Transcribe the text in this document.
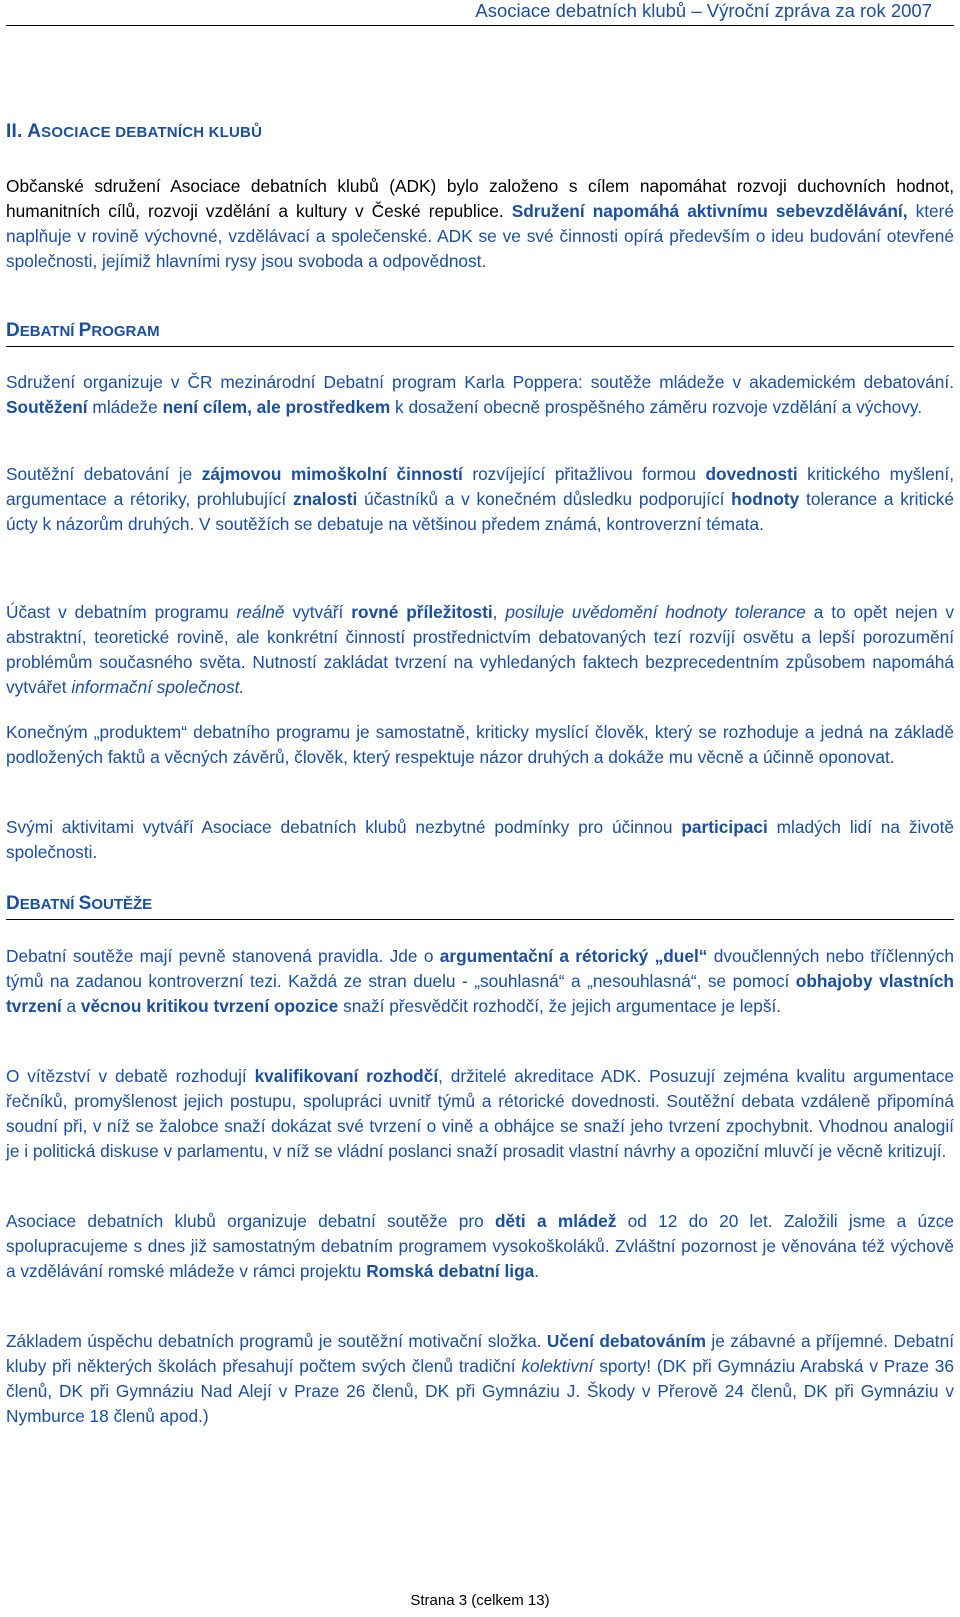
Asociace debatních klubů – Výroční zpráva za rok 2007
II. ASOCIACE DEBATNÍCH KLUBŮ
Občanské sdružení Asociace debatních klubů (ADK) bylo založeno s cílem napomáhat rozvoji duchovních hodnot, humanitních cílů, rozvoji vzdělání a kultury v České republice. Sdružení napomáhá aktivnímu sebevzdělávání, které naplňuje v rovině výchovné, vzdělávací a společenské. ADK se ve své činnosti opírá především o ideu budování otevřené společnosti, jejímiž hlavními rysy jsou svoboda a odpovědnost.
DEBATNÍ PROGRAM
Sdružení organizuje v ČR mezinárodní Debatní program Karla Poppera: soutěže mládeže v akademickém debatování. Soutěžení mládeže není cílem, ale prostředkem k dosažení obecně prospěšného záměru rozvoje vzdělání a výchovy.
Soutěžní debatování je zájmovou mimoškolní činností rozvíjející přitažlivou formou dovednosti kritického myšlení, argumentace a rétoriky, prohlubující znalosti účastníků a v konečném důsledku podporující hodnoty tolerance a kritické úcty k názorům druhých. V soutěžích se debatuje na většinou předem známá, kontroverzní témata.
Účast v debatním programu reálně vytváří rovné příležitosti, posiluje uvědomění hodnoty tolerance a to opět nejen v abstraktní, teoretické rovině, ale konkrétní činností prostřednictvím debatovaných tezí rozvíjí osvětu a lepší porozumění problémům současného světa. Nutností zakládat tvrzení na vyhledaných faktech bezprecedentním způsobem napomáhá vytvářet informační společnost.
Konečným „produktem“ debatního programu je samostatně, kriticky myslící člověk, který se rozhoduje a jedná na základě podložených faktů a věcných závěrů, člověk, který respektuje názor druhých a dokáže mu věcně a účinně oponovat.
Svými aktivitami vytváří Asociace debatních klubů nezbytné podmínky pro účinnou participaci mladých lidí na životě společnosti.
DEBATNÍ SOUTĚŽE
Debatní soutěže mají pevně stanovená pravidla. Jde o argumentační a rétorický „duel“ dvoučlenných nebo tříčlenných týmů na zadanou kontroverzní tezi. Každá ze stran duelu - „souhlasná“ a „nesouhlasná“, se pomocí obhajoby vlastních tvrzení a věcnou kritikou tvrzení opozice snaží přesvědčit rozhodčí, že jejich argumentace je lepší.
O vítězství v debatě rozhodují kvalifikovaní rozhodčí, držitelé akreditace ADK. Posuzují zejména kvalitu argumentace řečníků, promyšlenost jejich postupu, spolupráci uvnitř týmů a rétorické dovednosti. Soutěžní debata vzdáleně připomíná soudní při, v níž se žalobce snaží dokázat své tvrzení o vině a obhájce se snaží jeho tvrzení zpochybnit. Vhodnou analogií je i politická diskuse v parlamentu, v níž se vládní poslanci snaží prosadit vlastní návrhy a opoziční mluvčí je věcně kritizují.
Asociace debatních klubů organizuje debatní soutěže pro děti a mládež od 12 do 20 let. Založili jsme a úzce spolupracujeme s dnes již samostatným debatním programem vysokoškoláků. Zvláštní pozornost je věnována též výchově a vzdělávání romské mládeže v rámci projektu Romská debatní liga.
Základem úspěchu debatních programů je soutěžní motivační složka. Učení debatováním je zábavné a příjemné. Debatní kluby při některých školách přesahují počtem svých členů tradiční kolektivní sporty! (DK při Gymnáziu Arabská v Praze 36 členů, DK při Gymnáziu Nad Alejí v Praze 26 členů, DK při Gymnáziu J. Škody v Přerově 24 členů, DK při Gymnáziu v Nymburce 18 členů apod.)
Strana 3 (celkem 13)
